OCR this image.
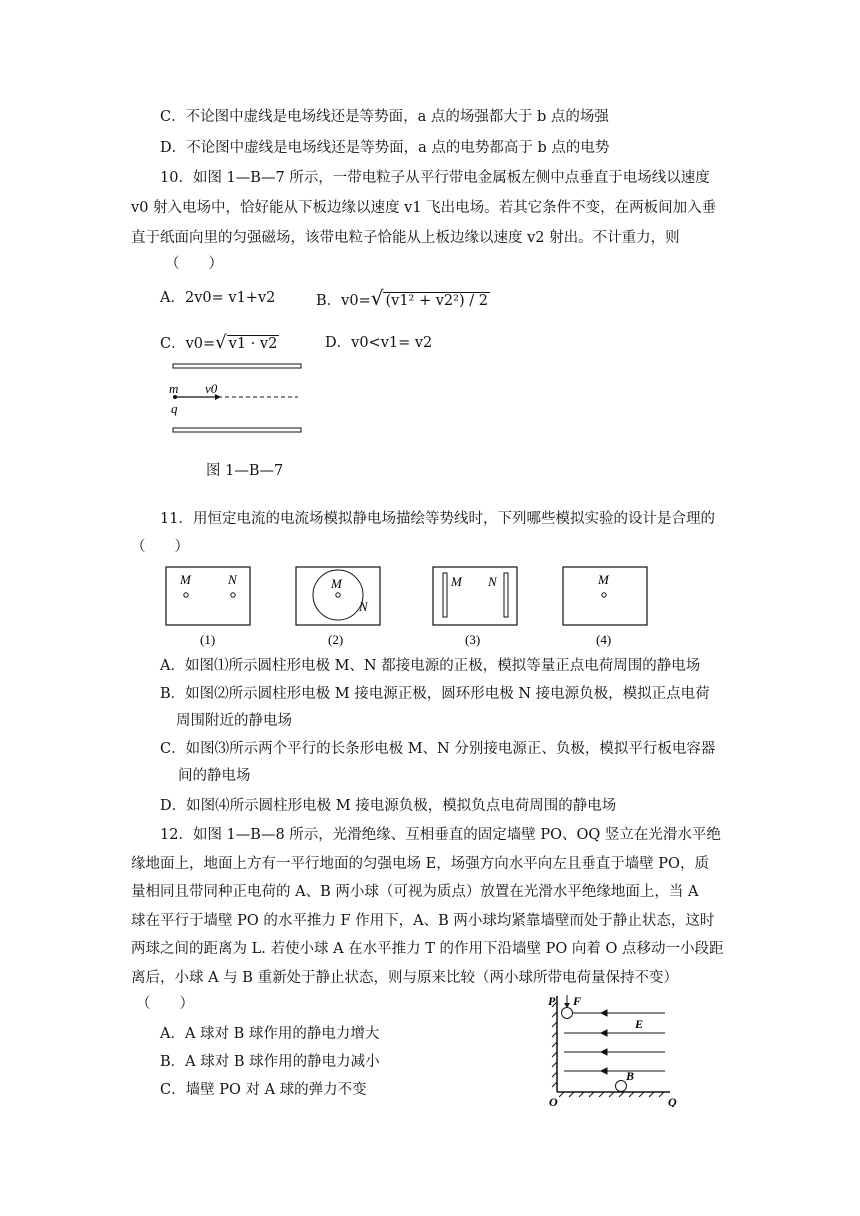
C．不论图中虚线是电场线还是等势面，a 点的场强都大于 b 点的场强
D．不论图中虚线是电场线还是等势面，a 点的电势都高于 b 点的电势
10．如图 1—B—7 所示，一带电粒子从平行带电金属板左侧中点垂直于电场线以速度
v0 射入电场中，恰好能从下板边缘以速度 v1 飞出电场。若其它条件不变，在两板间加入垂
直于纸面向里的匀强磁场，该带电粒子恰能从上板边缘以速度 v2 射出。不计重力，则
（　　）
A．2v0= v1+v2	B．v0=√ (v1² + v2²) / 2
C．v0=√ v1 · v2	D．v0<v1= v2
m
q
v0
图 1—B—7
11．用恒定电流的电流场模拟静电场描绘等势线时，下列哪些模拟实验的设计是合理的
（　　）
M	N
(1)
M
N
(2)
M N
(3)
M
(4)
A．如图⑴所示圆柱形电极 M、N 都接电源的正极，模拟等量正点电荷周围的静电场
B．如图⑵所示圆柱形电极 M 接电源正极，圆环形电极 N 接电源负极，模拟正点电荷
周围附近的静电场
C．如图⑶所示两个平行的长条形电极 M、N 分别接电源正、负极，模拟平行板电容器
间的静电场
D．如图⑷所示圆柱形电极 M 接电源负极，模拟负点电荷周围的静电场
12．如图 1—B—8 所示，光滑绝缘、互相垂直的固定墙壁 PO、OQ 竖立在光滑水平绝
缘地面上，地面上方有一平行地面的匀强电场 E，场强方向水平向左且垂直于墙壁 PO，质
量相同且带同种正电荷的 A、B 两小球（可视为质点）放置在光滑水平绝缘地面上，当 A
球在平行于墙壁 PO 的水平推力 F 作用下，A、B 两小球均紧靠墙壁而处于静止状态，这时
两球之间的距离为 L. 若使小球 A 在水平推力 T 的作用下沿墙壁 PO 向着 O 点移动一小段距
离后，小球 A 与 B 重新处于静止状态，则与原来比较（两小球所带电荷量保持不变）
（　　）
A．A 球对 B 球作用的静电力增大
B．A 球对 B 球作用的静电力减小
C．墙壁 PO 对 A 球的弹力不变
P F
E
B
O	Q
